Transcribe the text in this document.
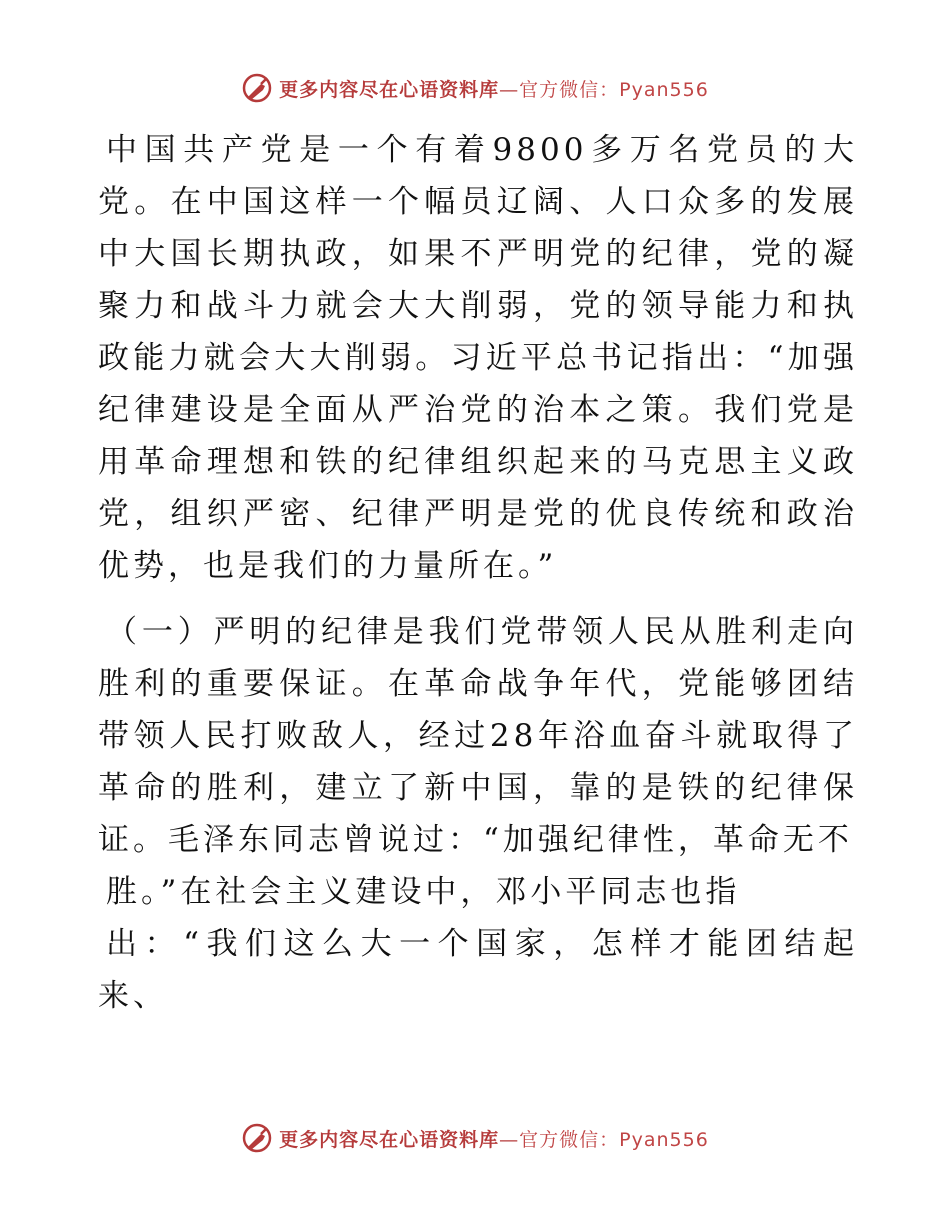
更多内容尽在心语资料库—官方微信：Pyan556

中国共产党是一个有着9800多万名党员的大党。在中国这样一个幅员辽阔、人口众多的发展中大国长期执政，如果不严明党的纪律，党的凝聚力和战斗力就会大大削弱，党的领导能力和执政能力就会大大削弱。习近平总书记指出：“加强纪律建设是全面从严治党的治本之策。我们党是用革命理想和铁的纪律组织起来的马克思主义政党，组织严密、纪律严明是党的优良传统和政治优势，也是我们的力量所在。”

（一）严明的纪律是我们党带领人民从胜利走向胜利的重要保证。在革命战争年代，党能够团结带领人民打败敌人，经过28年浴血奋斗就取得了革命的胜利，建立了新中国，靠的是铁的纪律保证。毛泽东同志曾说过：“加强纪律性，革命无不
胜。”在社会主义建设中，邓小平同志也指
出：“我们这么大一个国家，怎样才能团结起来、

更多内容尽在心语资料库—官方微信：Pyan556
